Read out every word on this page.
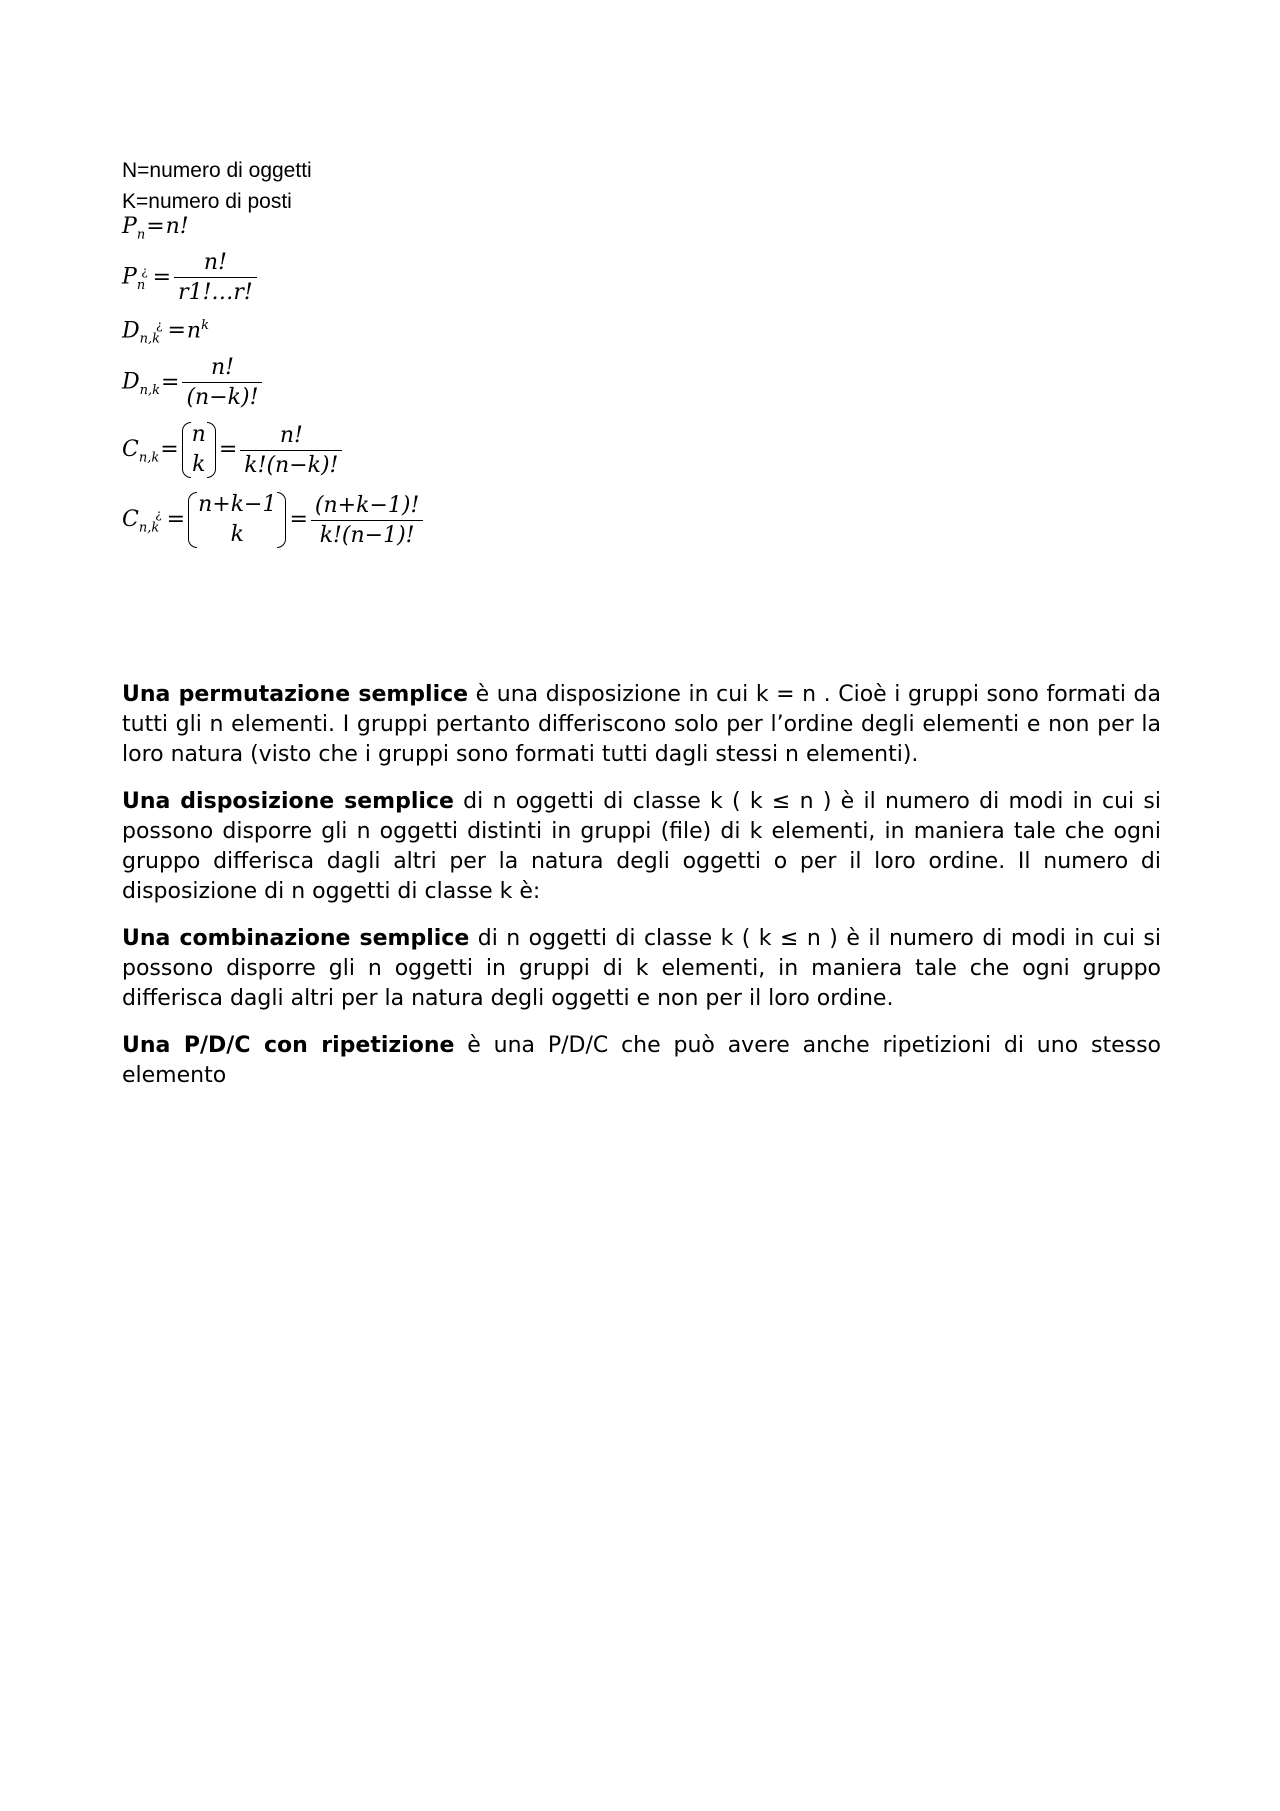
N=numero di oggetti
K=numero di posti
$P_n=n$!
$P_n^¿ = \frac{n!}{r1!\dots r!}$
$D_{n,k}^¿ =n^k$
$D_{n,k}= \frac{n!}{(n-k)!}$
$C_{n,k}=$
n
k
= $\frac{n!}{k!(n-k)!}$
$C_{n,k}^¿$ =
n+k−1
k
= $\frac{(n+k-1)!}{k!(n-1)!}$

Una permutazione semplice è una disposizione in cui k = n . Cioè i gruppi sono formati da tutti gli n elementi. I gruppi pertanto differiscono solo per l’ordine degli elementi e non per la loro natura (visto che i gruppi sono formati tutti dagli stessi n elementi).

Una disposizione semplice di n oggetti di classe k ( k ≤ n ) è il numero di modi in cui si possono disporre gli n oggetti distinti in gruppi (file) di k elementi, in maniera tale che ogni gruppo differisca dagli altri per la natura degli oggetti o per il loro ordine. Il numero di disposizione di n oggetti di classe k è:

Una combinazione semplice di n oggetti di classe k ( k ≤ n ) è il numero di modi in cui si possono disporre gli n oggetti in gruppi di k elementi, in maniera tale che ogni gruppo differisca dagli altri per la natura degli oggetti e non per il loro ordine.

Una P/D/C con ripetizione è una P/D/C che può avere anche ripetizioni di uno stesso elemento
